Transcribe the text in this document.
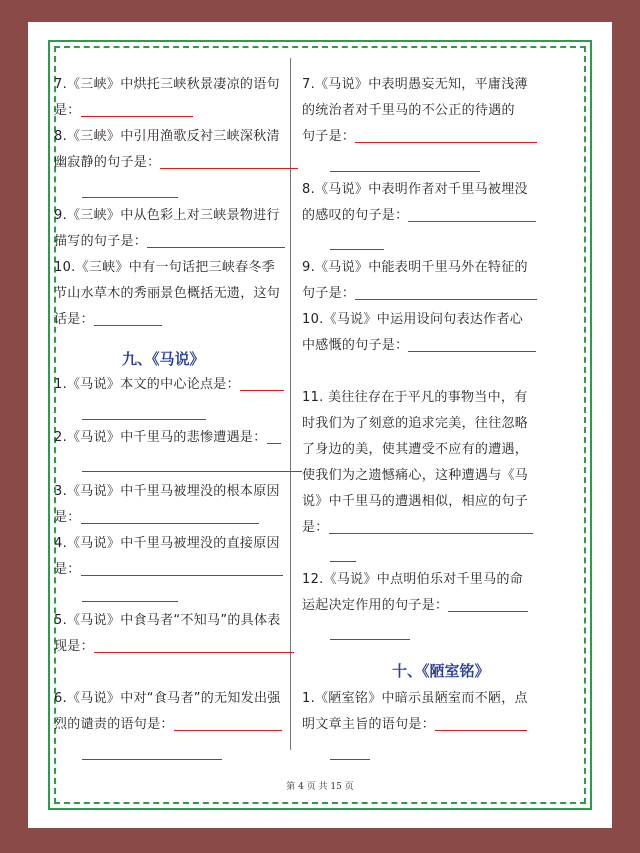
7.《三峡》中烘托三峡秋景凄凉的语句
是：
8.《三峡》中引用渔歌反衬三峡深秋清
幽寂静的句子是：
9.《三峡》中从色彩上对三峡景物进行
描写的句子是：
10.《三峡》中有一句话把三峡春冬季
节山水草木的秀丽景色概括无遗，这句
话是：
九、《马说》
1.《马说》本文的中心论点是：
2.《马说》中千里马的悲惨遭遇是：
3.《马说》中千里马被埋没的根本原因
是：
4.《马说》中千里马被埋没的直接原因
是：
5.《马说》中食马者“不知马”的具体表
现是：
6.《马说》中对“食马者”的无知发出强
烈的谴责的语句是：
7.《马说》中表明愚妄无知，平庸浅薄
的统治者对千里马的不公正的待遇的
句子是：
8.《马说》中表明作者对千里马被埋没
的感叹的句子是：
9.《马说》中能表明千里马外在特征的
句子是：
10.《马说》中运用设问句表达作者心
中感慨的句子是：
11. 美往往存在于平凡的事物当中，有
时我们为了刻意的追求完美，往往忽略
了身边的美，使其遭受不应有的遭遇，
使我们为之遗憾痛心，这种遭遇与《马
说》中千里马的遭遇相似，相应的句子
是：
12.《马说》中点明伯乐对千里马的命
运起决定作用的句子是：
十、《陋室铭》
1.《陋室铭》中暗示虽陋室而不陋，点
明文章主旨的语句是：
第 4 页 共 15 页
